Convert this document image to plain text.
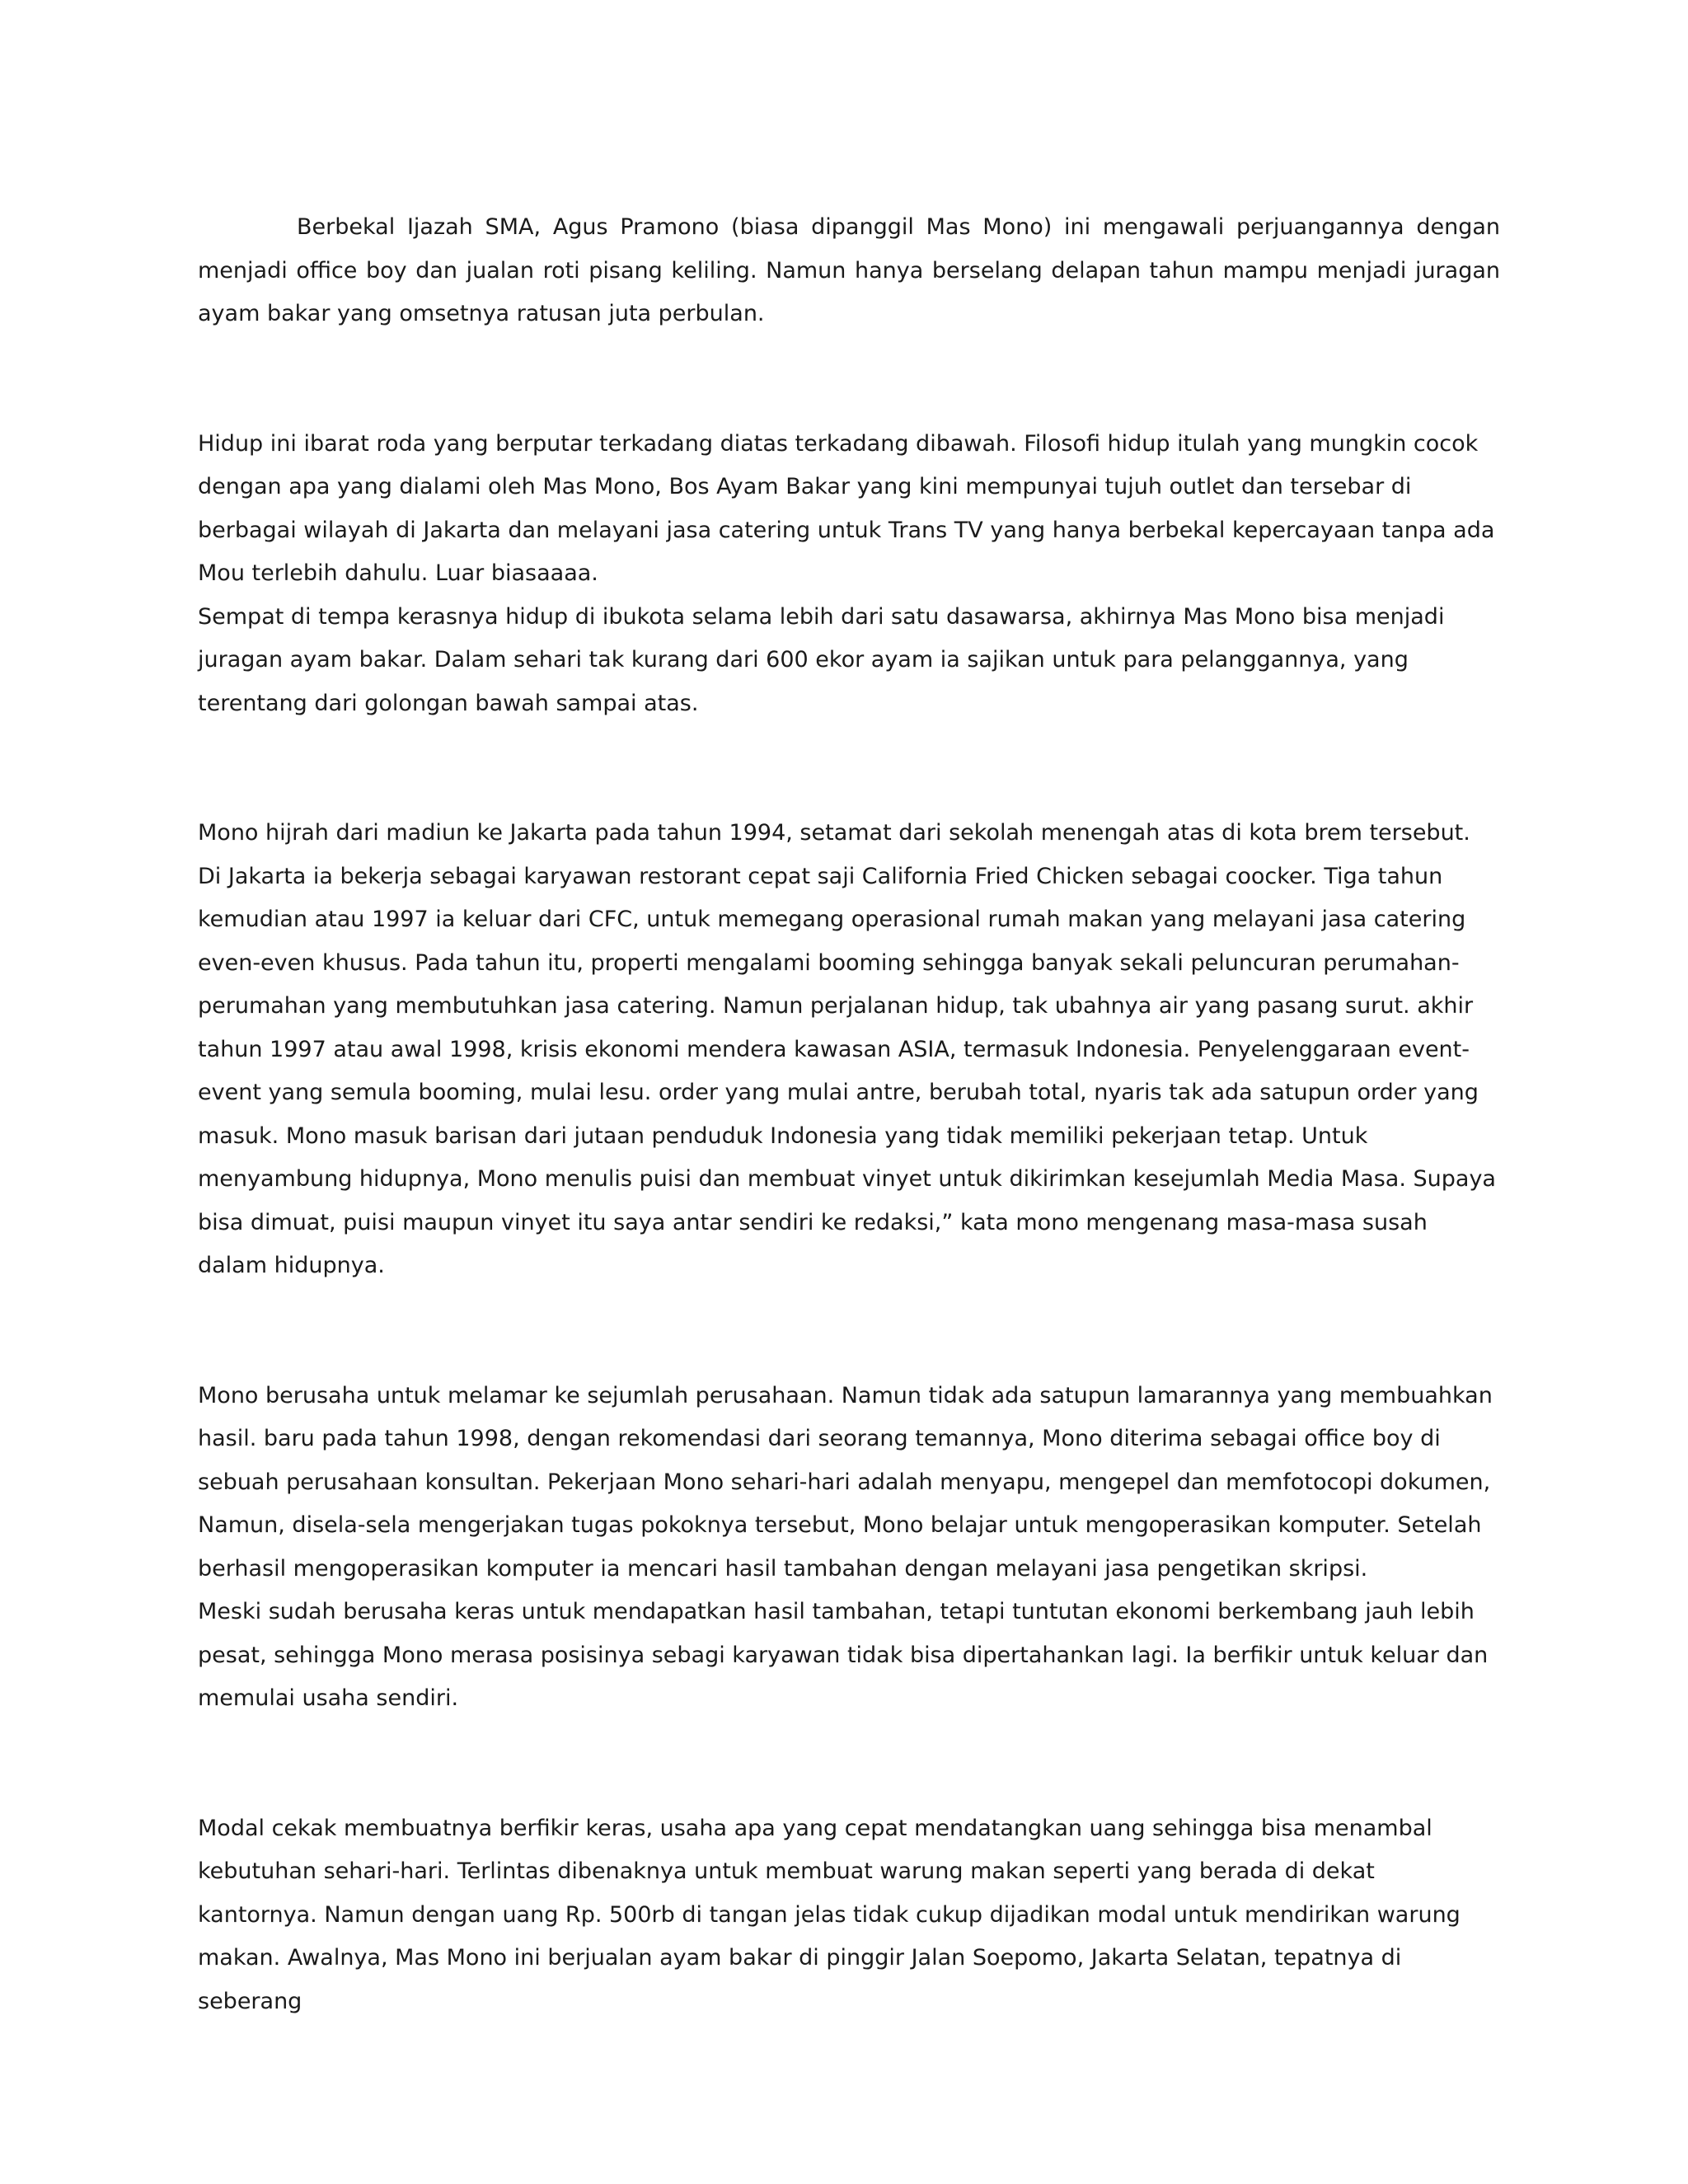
Berbekal Ijazah SMA, Agus Pramono (biasa dipanggil Mas Mono) ini mengawali perjuangannya dengan menjadi office boy dan jualan roti pisang keliling. Namun hanya berselang delapan tahun mampu menjadi juragan ayam bakar yang omsetnya ratusan juta perbulan.

Hidup ini ibarat roda yang berputar terkadang diatas terkadang dibawah. Filosofi hidup itulah yang mungkin cocok dengan apa yang dialami oleh Mas Mono, Bos Ayam Bakar yang kini mempunyai tujuh outlet dan tersebar di berbagai wilayah di Jakarta dan melayani jasa catering untuk Trans TV yang hanya berbekal kepercayaan tanpa ada Mou terlebih dahulu. Luar biasaaaa.

Sempat di tempa kerasnya hidup di ibukota selama lebih dari satu dasawarsa, akhirnya Mas Mono bisa menjadi juragan ayam bakar. Dalam sehari tak kurang dari 600 ekor ayam ia sajikan untuk para pelanggannya, yang terentang dari golongan bawah sampai atas.

Mono hijrah dari madiun ke Jakarta pada tahun 1994, setamat dari sekolah menengah atas di kota brem tersebut. Di Jakarta ia bekerja sebagai karyawan restorant cepat saji California Fried Chicken sebagai coocker. Tiga tahun kemudian atau 1997 ia keluar dari CFC, untuk memegang operasional rumah makan yang melayani jasa catering even-even khusus. Pada tahun itu, properti mengalami booming sehingga banyak sekali peluncuran perumahan-perumahan yang membutuhkan jasa catering. Namun perjalanan hidup, tak ubahnya air yang pasang surut. akhir tahun 1997 atau awal 1998, krisis ekonomi mendera kawasan ASIA, termasuk Indonesia. Penyelenggaraan event-event yang semula booming, mulai lesu. order yang mulai antre, berubah total, nyaris tak ada satupun order yang masuk. Mono masuk barisan dari jutaan penduduk Indonesia yang tidak memiliki pekerjaan tetap. Untuk menyambung hidupnya, Mono menulis puisi dan membuat vinyet untuk dikirimkan kesejumlah Media Masa. Supaya bisa dimuat, puisi maupun vinyet itu saya antar sendiri ke redaksi,” kata mono mengenang masa-masa susah dalam hidupnya.

Mono berusaha untuk melamar ke sejumlah perusahaan. Namun tidak ada satupun lamarannya yang membuahkan hasil. baru pada tahun 1998, dengan rekomendasi dari seorang temannya, Mono diterima sebagai office boy di sebuah perusahaan konsultan. Pekerjaan Mono sehari-hari adalah menyapu, mengepel dan memfotocopi dokumen, Namun, disela-sela mengerjakan tugas pokoknya tersebut, Mono belajar untuk mengoperasikan komputer. Setelah berhasil mengoperasikan komputer ia mencari hasil tambahan dengan melayani jasa pengetikan skripsi.

Meski sudah berusaha keras untuk mendapatkan hasil tambahan, tetapi tuntutan ekonomi berkembang jauh lebih pesat, sehingga Mono merasa posisinya sebagi karyawan tidak bisa dipertahankan lagi. Ia berfikir untuk keluar dan memulai usaha sendiri.

Modal cekak membuatnya berfikir keras, usaha apa yang cepat mendatangkan uang sehingga bisa menambal kebutuhan sehari-hari. Terlintas dibenaknya untuk membuat warung makan seperti yang berada di dekat kantornya. Namun dengan uang Rp. 500rb di tangan jelas tidak cukup dijadikan modal untuk mendirikan warung makan. Awalnya, Mas Mono ini berjualan ayam bakar di pinggir Jalan Soepomo, Jakarta Selatan, tepatnya di seberang
